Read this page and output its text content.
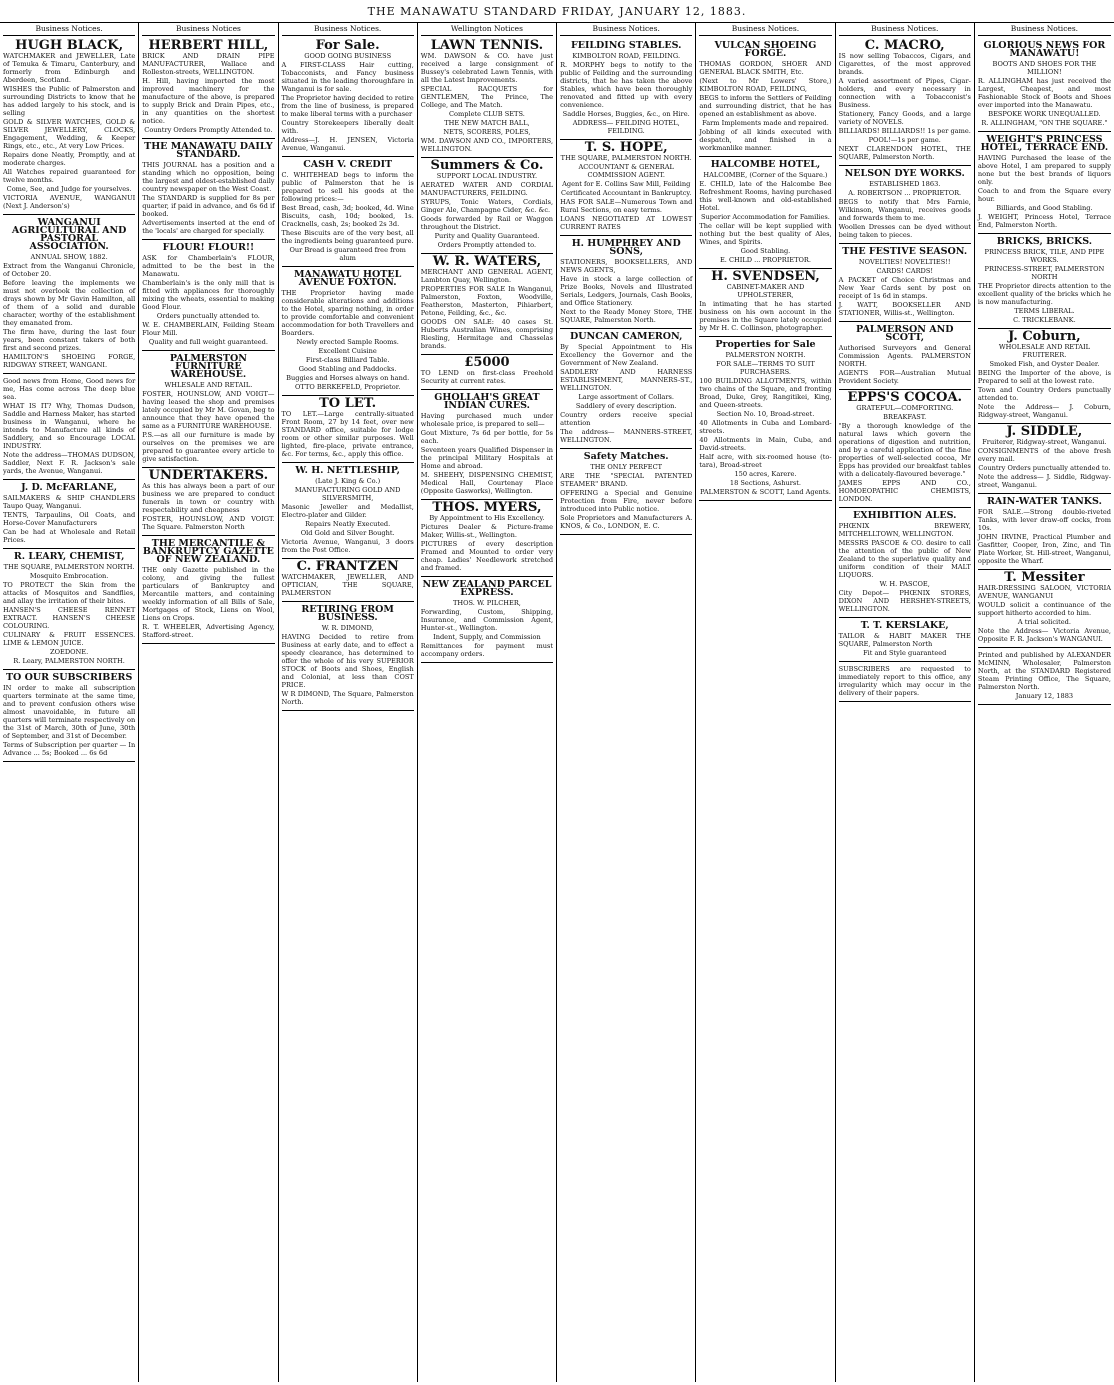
THE MANAWATU STANDARD FRIDAY, JANUARY 12, 1883.
Business Notices.
HUGH BLACK,

WATCHMAKER and JEWELLER, Late of Temuka & Timaru, Canterbury, and formerly from Edinburgh and Aberdeen, Scotland.

WISHES the Public of Palmerston and surrounding Districts to know that he has added largely to his stock, and is selling

GOLD & SILVER WATCHES, GOLD & SILVER JEWELLERY, CLOCKS, Engagement, Wedding, & Keeper Rings, etc., etc., At very Low Prices.

Repairs done Neatly, Promptly, and at moderate charges.

All Watches repaired guaranteed for twelve months.

Come, See, and Judge for yourselves.

VICTORIA AVENUE, WANGANUI (Next J. Anderson's)

WANGANUI AGRICULTURAL AND PASTORAL ASSOCIATION.

ANNUAL SHOW, 1882.

Extract from the Wanganui Chronicle, of October 20.

Before leaving the implements we must not overlook the collection of drays shown by Mr Gavin Hamilton, all of them of a solid and durable character, worthy of the establishment they emanated from.

The firm have, during the last four years, been constant takers of both first and second prizes.

HAMILTON'S SHOEING FORGE, RIDGWAY STREET, WANGANI.

Good news from Home, Good news for me, Has come across The deep blue sea.

WHAT IS IT? Why, Thomas Dudson, Saddle and Harness Maker, has started business in Wanganui, where he intends to Manufacture all kinds of Saddlery, and so Encourage LOCAL INDUSTRY.

Note the address—THOMAS DUDSON, Saddler, Next F. R. Jackson's sale yards, the Avenue, Wanganui.

J. D. McFARLANE,

SAILMAKERS & SHIP CHANDLERS Taupo Quay, Wanganui.

TENTS, Tarpaulins, Oil Coats, and Horse-Cover Manufacturers

Can be had at Wholesale and Retail Prices.

R. LEARY, CHEMIST,

THE SQUARE, PALMERSTON NORTH.

Mosquito Embrocation.

TO PROTECT the Skin from the attacks of Mosquitos and Sandflies, and allay the irritation of their bites.

HANSEN'S CHEESE RENNET EXTRACT. HANSEN'S CHEESE COLOURING.

CULINARY & FRUIT ESSENCES. LIME & LEMON JUICE.

ZOEDONE.

R. Leary, PALMERSTON NORTH.

TO OUR SUBSCRIBERS

IN order to make all subscription quarters terminate at the same time, and to prevent confusion others wise almost unavoidable, in future all quarters will terminate respectively on the 31st of March, 30th of June, 30th of September, and 31st of December.

Terms of Subscription per quarter — In Advance ... 5s; Booked ... 6s 6d

Business Notices
HERBERT HILL,

BRICK AND DRAIN PIPE MANUFACTURER, Wallace and Rolleston-streets, WELLINGTON.

H. Hill, having imported the most improved machinery for the manufacture of the above, is prepared to supply Brick and Drain Pipes, etc., in any quantities on the shortest notice.

Country Orders Promptly Attended to.

THE MANAWATU DAILY STANDARD.

THIS JOURNAL has a position and a standing which no opposition, being the largest and oldest-established daily country newspaper on the West Coast.

The STANDARD is supplied for 8s per quarter, if paid in advance, and 6s 6d if booked.

Advertisements inserted at the end of the 'locals' are charged for specially.

FLOUR! FLOUR!!

ASK for Chamberlain's FLOUR, admitted to be the best in the Manawatu.

Chamberlain's is the only mill that is fitted with appliances for thoroughly mixing the wheats, essential to making Good Flour.

Orders punctually attended to.

W. E. CHAMBERLAIN, Feilding Steam Flour Mill.

Quality and full weight guaranteed.

PALMERSTON FURNITURE WAREHOUSE.

WHLESALE AND RETAIL.

FOSTER, HOUNSLOW, AND VOIGT—having leased the shop and premises lately occupied by Mr M. Govan, beg to announce that they have opened the same as a FURNITURE WAREHOUSE.

P.S.—as all our furniture is made by ourselves on the premises we are prepared to guarantee every article to give satisfaction.

UNDERTAKERS.

As this has always been a part of our business we are prepared to conduct funerals in town or country with respectability and cheapness

FOSTER, HOUNSLOW, AND VOIGT. The Square. Palmerston North

THE MERCANTILE & BANKRUPTCY GAZETTE OF NEW ZEALAND.

THE only Gazette published in the colony, and giving the fullest particulars of Bankruptcy and Mercantile matters, and containing weekly information of all Bills of Sale, Mortgages of Stock, Liens on Wool, Liens on Crops.

R. T. WHEELER, Advertising Agency, Stafford-street.

Business Notices.
For Sale.

GOOD GOING BUSINESS

A FIRST-CLASS Hair cutting, Tobacconists, and Fancy business situated in the leading thoroughfare in Wanganui is for sale.

The Proprietor having decided to retire from the line of business, is prepared to make liberal terms with a purchaser

Country Storekeepers liberally dealt with.

Address—J. H. JENSEN, Victoria Avenue, Wanganui.

CASH V. CREDIT

C. WHITEHEAD begs to inform the public of Palmerston that he is prepared to sell his goods at the following prices:—

Best Bread, cash, 3d; booked, 4d. Wine Biscuits, cash, 10d; booked, 1s. Cracknells, cash, 2s; booked 2s 3d.

These Biscuits are of the very best, all the ingredients being guaranteed pure.

Our Bread is guaranteed free from alum

MANAWATU HOTEL AVENUE FOXTON.

THE Proprietor having made considerable alterations and additions to the Hotel, sparing nothing, in order to provide comfortable and convenient accommodation for both Travellers and Boarders.

Newly erected Sample Rooms.

Excellent Cuisine

First-class Billiard Table.

Good Stabling and Paddocks.

Buggies and Horses always on hand.

OTTO BERKEFELD, Proprietor.

TO LET.

TO LET.—Large centrally-situated Front Room, 27 by 14 feet, over new STANDARD office, suitable for lodge room or other similar purposes. Well lighted, fire-place, private entrance, &c. For terms, &c., apply this office.

W. H. NETTLESHIP,

(Late J. King & Co.)

MANUFACTURING GOLD AND SILVERSMITH,

Masonic Jeweller and Medallist, Electro-plater and Gilder.

Repairs Neatly Executed.

Old Gold and Silver Bought.

Victoria Avenue, Wanganui, 3 doors from the Post Office.

C. FRANTZEN

WATCHMAKER, JEWELLER, AND OPTICIAN, THE SQUARE, PALMERSTON

RETIRING FROM BUSINESS.

W. R. DIMOND,

HAVING Decided to retire from Business at early date, and to effect a speedy clearance, has determined to offer the whole of his very SUPERIOR STOCK of Boots and Shoes, English and Colonial, at less than COST PRICE.

W R DIMOND, The Square, Palmerston North.

Wellington Notices
LAWN TENNIS.

WM. DAWSON & CO. have just received a large consignment of Bussey's celebrated Lawn Tennis, with all the Latest Improvements.

SPECIAL RACQUETS for GENTLEMEN, The Prince, The College, and The Match.

Complete CLUB SETS.

THE NEW MATCH BALL,

NETS, SCORERS, POLES,

WM. DAWSON AND CO., IMPORTERS, WELLINGTON.

Summers & Co.

SUPPORT LOCAL INDUSTRY.

AERATED WATER AND CORDIAL MANUFACTURERS, FEILDING.

SYRUPS, Tonic Waters, Cordials, Ginger Ale, Champagne Cider, &c. &c.

Goods forwarded by Rail or Waggon throughout the District.

Purity and Quality Guaranteed.

Orders Promptly attended to.

W. R. WATERS,

MERCHANT AND GENERAL AGENT, Lambton Quay, Wellington.

PROPERTIES FOR SALE In Wanganui, Palmerston, Foxton, Woodville, Featherston, Masterton, Pihiarbert, Petone, Feilding, &c., &c.

GOODS ON SALE: 40 cases St. Huberts Australian Wines, comprising Riesling, Hermitage and Chasselas brands.

£5000

TO LEND on first-class Freehold Security at current rates.

GHOLLAH'S GREAT INDIAN CURES.

Having purchased much under wholesale price, is prepared to sell—

Gout Mixture, 7s 6d per bottle, for 5s each.

Seventeen years Qualified Dispenser in the principal Military Hospitals at Home and abroad.

M. SHEEHY, DISPENSING CHEMIST, Medical Hall, Courtenay Place (Opposite Gasworks), Wellington.

THOS. MYERS,

By Appointment to His Excellency.

Pictures Dealer & Picture-frame Maker, Willis-st., Wellington.

PICTURES of every description Framed and Mounted to order very cheap. Ladies' Needlework stretched and framed.

NEW ZEALAND PARCEL EXPRESS.

THOS. W. PILCHER,

Forwarding, Custom, Shipping, Insurance, and Commission Agent, Hunter-st., Wellington.

Indent, Supply, and Commission

Remittances for payment must accompany orders.

Business Notices.
FEILDING STABLES.

KIMBOLTON ROAD, FEILDING.

R. MORPHY begs to notify to the public of Feilding and the surrounding districts, that he has taken the above Stables, which have been thoroughly renovated and fitted up with every convenience.

Saddle Horses, Buggies, &c., on Hire.

ADDRESS— FEILDING HOTEL, FEILDING.

T. S. HOPE,

THE SQUARE, PALMERSTON NORTH.

ACCOUNTANT & GENERAL COMMISSION AGENT.

Agent for E. Collins Saw Mill, Feilding

Certificated Accountant in Bankruptcy.

HAS FOR SALE—Numerous Town and Rural Sections, on easy terms.

LOANS NEGOTIATED AT LOWEST CURRENT RATES

H. HUMPHREY AND SONS,

STATIONERS, BOOKSELLERS, AND NEWS AGENTS,

Have in stock a large collection of Prize Books, Novels and Illustrated Serials, Ledgers, Journals, Cash Books, and Office Stationery.

Next to the Ready Money Store, THE SQUARE, Palmerston North.

DUNCAN CAMERON,

By Special Appointment to His Excellency the Governor and the Government of New Zealand.

SADDLERY AND HARNESS ESTABLISHMENT, MANNERS-ST., WELLINGTON.

Large assortment of Collars.

Saddlery of every description.

Country orders receive special attention

The address— MANNERS-STREET, WELLINGTON.

Safety Matches.

THE ONLY PERFECT

ARE THE "SPECIAL PATENTED STEAMER" BRAND.

OFFERING a Special and Genuine Protection from Fire, never before introduced into Public notice.

Sole Proprietors and Manufacturers A. KNOS, & Co., LONDON, E. C.

Business Notices.
VULCAN SHOEING FORGE.

THOMAS GORDON, SHOER AND GENERAL BLACK SMITH, Etc.

(Next to Mr Lowers' Store,) KIMBOLTON ROAD, FEILDING,

BEGS to inform the Settlers of Feilding and surrounding district, that he has opened an establishment as above.

Farm Implements made and repaired.

Jobbing of all kinds executed with despatch, and finished in a workmanlike manner.

HALCOMBE HOTEL,

HALCOMBE, (Corner of the Square.)

E. CHILD, late of the Halcombe Bee Refreshment Rooms, having purchased this well-known and old-established Hotel.

Superior Accommodation for Families.

The cellar will be kept supplied with nothing but the best quality of Ales, Wines, and Spirits.

Good Stabling.

E. CHILD ... PROPRIETOR.

H. SVENDSEN,

CABINET-MAKER AND UPHOLSTERER,

In intimating that he has started business on his own account in the premises in the Square lately occupied by Mr H. C. Collinson, photographer.

Properties for Sale

PALMERSTON NORTH.

FOR SALE—TERMS TO SUIT PURCHASERS.

100 BUILDING ALLOTMENTS, within two chains of the Square, and fronting Broad, Duke, Grey, Rangitikei, King, and Queen-streets.

Section No. 10, Broad-street.

40 Allotments in Cuba and Lombard-streets.

40 Allotments in Main, Cuba, and David-streets.

Half acre, with six-roomed house (to-tara), Broad-street

150 acres, Karere.

18 Sections, Ashurst.

PALMERSTON & SCOTT, Land Agents.

Business Notices.
C. MACRO,

IS now selling Tobaccos, Cigars, and Cigarettes, of the most approved brands.

A varied assortment of Pipes, Cigar-holders, and every necessary in connection with a Tobacconist's Business.

Stationery, Fancy Goods, and a large variety of NOVELS.

BILLIARDS! BILLIARDS!! 1s per game.

POOL!—1s per game.

NEXT CLARENDON HOTEL, THE SQUARE, Palmerston North.

NELSON DYE WORKS.

ESTABLISHED 1863.

A. ROBERTSON ... PROPRIETOR.

BEGS to notify that Mrs Farnie, Wilkinson, Wanganui, receives goods and forwards them to me.

Woollen Dresses can be dyed without being taken to pieces.

THE FESTIVE SEASON.

NOVELTIES! NOVELTIES!!

CARDS! CARDS!

A PACKET of Choice Christmas and New Year Cards sent by post on receipt of 1s 6d in stamps.

J. WATT, BOOKSELLER AND STATIONER, Willis-st., Wellington.

PALMERSON AND SCOTT,

Authorised Surveyors and General Commission Agents. PALMERSTON NORTH.

AGENTS FOR—Australian Mutual Provident Society.

EPPS'S COCOA.

GRATEFUL—COMFORTING.

BREAKFAST.

"By a thorough knowledge of the natural laws which govern the operations of digestion and nutrition, and by a careful application of the fine properties of well-selected cocoa, Mr Epps has provided our breakfast tables with a delicately-flavoured beverage."

JAMES EPPS AND CO., HOMOEOPATHIC CHEMISTS, LONDON.

EXHIBITION ALES.

PHŒNIX BREWERY, MITCHELLTOWN, WELLINGTON.

MESSRS PASCOE & CO. desire to call the attention of the public of New Zealand to the superlative quality and uniform condition of their MALT LIQUORS.

W. H. PASCOE,

City Depot— PHŒNIX STORES, DIXON AND HERSHEY-STREETS, WELLINGTON.

T. T. KERSLAKE,

TAILOR & HABIT MAKER THE SQUARE, Palmerston North

Fit and Style guaranteed

SUBSCRIBERS are requested to immediately report to this office, any irregularity which may occur in the delivery of their papers.

Business Notices.
GLORIOUS NEWS FOR MANAWATU!

BOOTS AND SHOES FOR THE MILLION!

R. ALLINGHAM has just received the Largest, Cheapest, and most Fashionable Stock of Boots and Shoes ever imported into the Manawatu.

BESPOKE WORK UNEQUALLED.

R. ALLINGHAM, "ON THE SQUARE."

WEIGHT'S PRINCESS HOTEL, TERRACE END.

HAVING Purchased the lease of the above Hotel, I am prepared to supply none but the best brands of liquors only.

Coach to and from the Square every hour.

Billiards, and Good Stabling.

J. WEIGHT, Princess Hotel, Terrace End, Palmerston North.

BRICKS, BRICKS.

PRINCESS BRICK, TILE, AND PIPE WORKS.

PRINCESS-STREET, PALMERSTON NORTH

THE Proprietor directs attention to the excellent quality of the bricks which he is now manufacturing.

TERMS LIBERAL.

C. TRICKLEBANK.

J. Coburn,

WHOLESALE AND RETAIL FRUITERER.

Smoked Fish, and Oyster Dealer.

BEING the Importer of the above, is Prepared to sell at the lowest rate.

Town and Country Orders punctually attended to.

Note the Address— J. Coburn, Ridgway-street, Wanganui.

J. SIDDLE,

Fruiterer, Ridgway-street, Wanganui.

CONSIGNMENTS of the above fresh every mail.

Country Orders punctually attended to.

Note the address— J. Siddle, Ridgway-street, Wanganui.

RAIN-WATER TANKS.

FOR SALE.—Strong double-riveted Tanks, with lever draw-off cocks, from 10s.

JOHN IRVINE, Practical Plumber and Gasfitter, Cooper, Iron, Zinc, and Tin Plate Worker, St. Hill-street, Wanganui, opposite the Wharf.

T. Messiter

HAIR-DRESSING SALOON, VICTORIA AVENUE, WANGANUI

WOULD solicit a continuance of the support hitherto accorded to him.

A trial solicited.

Note the Address— Victoria Avenue, Opposite F. R. Jackson's WANGANUI.

Printed and published by ALEXANDER McMINN, Wholesaler, Palmerston North, at the STANDARD Registered Steam Printing Office, The Square, Palmerston North.

January 12, 1883
